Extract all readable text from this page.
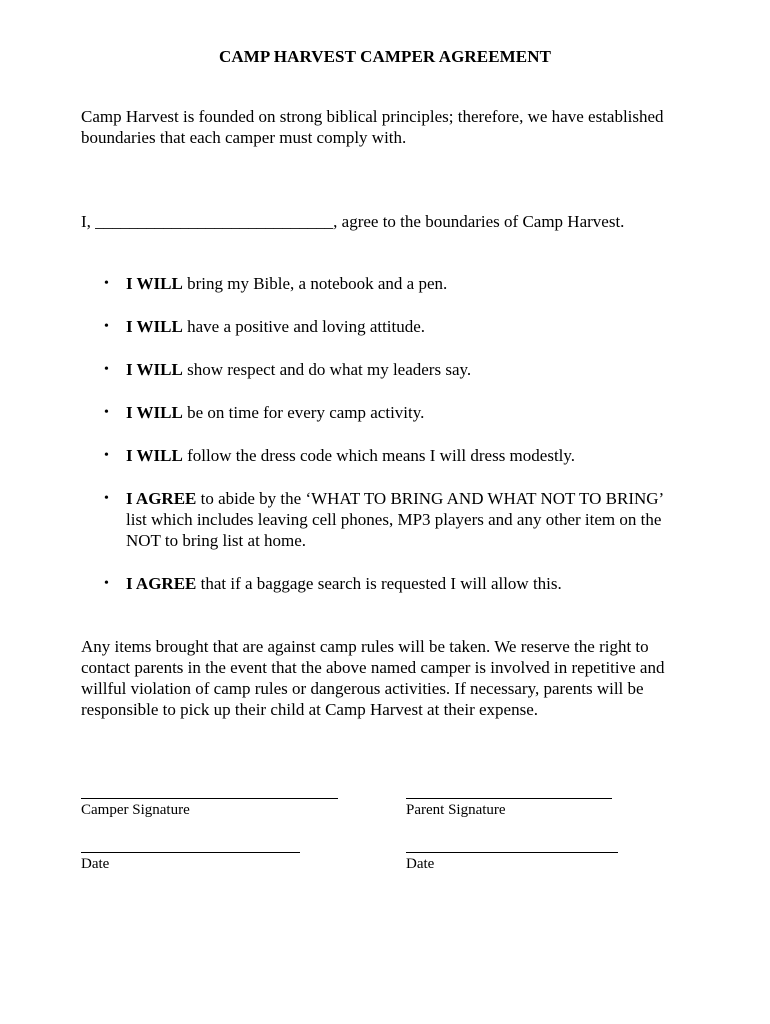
CAMP HARVEST CAMPER AGREEMENT
Camp Harvest is founded on strong biblical principles; therefore, we have established boundaries that each camper must comply with.
I, ____________________________, agree to the boundaries of Camp Harvest.
• I WILL bring my Bible, a notebook and a pen.
• I WILL have a positive and loving attitude.
• I WILL show respect and do what my leaders say.
• I WILL be on time for every camp activity.
• I WILL follow the dress code which means I will dress modestly.
• I AGREE to abide by the ‘WHAT TO BRING AND WHAT NOT TO BRING’ list which includes leaving cell phones, MP3 players and any other item on the NOT to bring list at home.
• I AGREE that if a baggage search is requested I will allow this.
Any items brought that are against camp rules will be taken. We reserve the right to contact parents in the event that the above named camper is involved in repetitive and willful violation of camp rules or dangerous activities. If necessary, parents will be responsible to pick up their child at Camp Harvest at their expense.
Camper Signature	Parent Signature
Date	Date
